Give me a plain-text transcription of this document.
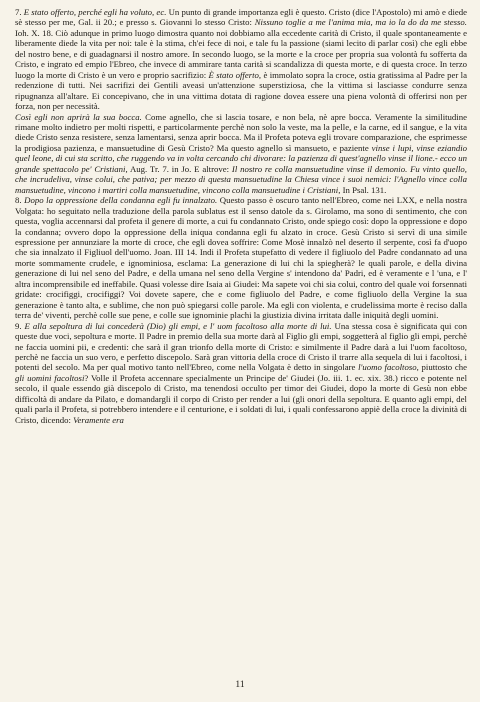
7. E stato offerto, perché egli ha voluto, ec. Un punto di grande importanza egli è questo. Cristo (dice l'Apostolo) mi amò e diede sè stesso per me, Gal. ii 20.; e presso s. Giovanni lo stesso Cristo: Nissuno toglie a me l'anima mia, ma io la do da me stesso. Ioh. X. 18. Ciò adunque in primo luogo dimostra quanto noi dobbiamo alla eccedente carità di Cristo, il quale spontaneamente e liberamente diede la vita per noi: tale è la stima, ch'ei fece di noi, e tale fu la passione (siami lecito di parlar così) che egli ebbe del nostro bene, e di guadagnarsi il nostro amore. In secondo luogo, se la morte e la croce per propria sua volontà fu sofferta da Cristo, e ingrato ed empio l'Ebreo, che invece di ammirare tanta carità si scandalizza di questa morte, e di questa croce. In terzo luogo la morte di Cristo è un vero e proprio sacrifizio: È stato offerto, è immolato sopra la croce, ostia gratissima al Padre per la redenzione di tutti. Nei sacrifizi dei Gentili aveasi un'attenzione superstiziosa, che la vittima si lasciasse condurre senza ripugnanza all'altare. Ei concepivano, che in una vittima dotata di ragione dovea essere una piena volontà di offerirsi non per forza, non per necessità.

Così egli non aprirà la sua bocca. Come agnello, che si lascia tosare, e non bela, nè apre bocca. Veramente la similitudine rimane molto indietro per molti rispetti, e particolarmente perchè non solo la veste, ma la pelle, e la carne, ed il sangue, e la vita diede Cristo senza resistere, senza lamentarsi, senza aprir bocca. Ma il Profeta poteva egli trovare comparazione, che esprimesse la prodigiosa pazienza, e mansuetudine di Gesù Cristo? Ma questo agnello sì mansueto, e paziente vinse i lupi, vinse eziandio quel leone, di cui sta scritto, che ruggendo va in volta cercando chi divorare: la pazienza di quest'agnello vinse il lione.- ecco un grande spettacolo pe' Cristiani, Aug. Tr. 7. in Jo. E altrove: Il nostro re colla mansuetudine vinse il demonio. Fu vinto quello, che incrudeliva, vinse colui, che pativa; per mezzo di questa mansuetudine la Chiesa vince i suoi nemici: l'Agnello vince colla mansuetudine, vincono i martiri colla mansuetudine, vincono colla mansuetudine i Cristiani, In Psal. 131.

8. Dopo la oppressione della condanna egli fu innalzato. Questo passo è oscuro tanto nell'Ebreo, come nei LXX, e nella nostra Volgata: ho seguitato nella traduzione della parola sublatus est il senso datole da s. Girolamo, ma sono di sentimento, che con questa, voglia accennarsi dal profeta il genere di morte, a cui fu condannato Cristo, onde spiego così: dopo la oppressione e dopo la condanna; ovvero dopo la oppressione della iniqua condanna egli fu alzato in croce. Gesù Cristo si servì di una simile espressione per annunziare la morte di croce, che egli dovea soffrire: Come Mosè innalzò nel deserto il serpente, così fa d'uopo che sia innalzato il Figliuol dell'uomo. Joan. III 14. Indi il Profeta stupefatto di vedere il figliuolo del Padre condannato ad una morte sommamente crudele, e ignominiosa, esclama: La generazione di lui chi la spiegherà? le quali parole, e della divina generazione di lui nel seno del Padre, e della umana nel seno della Vergine s' intendono da' Padri, ed è veramente e l 'una, e l' altra incomprensibile ed ineffabile. Quasi volesse dire Isaia ai Giudei: Ma sapete voi chi sia colui, contro del quale voi forsennati gridate: crocifiggi, crocifiggi? Voi dovete sapere, che e come figliuolo del Padre, e come figliuolo della Vergine la sua generazione è tanto alta, e sublime, che non può spiegarsi colle parole. Ma egli con violenta, e crudelissima morte è reciso dalla terra de' viventi, perchè colle sue pene, e colle sue ignominie plachi la giustizia divina irritata dalle iniquità degli uomini.

9. E alla sepoltura di lui concederà (Dio) gli empi, e l' uom facoltoso alla morte di lui. Una stessa cosa è significata qui con queste due voci, sepoltura e morte. Il Padre in premio della sua morte darà al Figlio gli empi, soggetterà al figlio gli empi, perchè ne faccia uomini pii, e credenti: che sarà il gran trionfo della morte di Cristo: e similmente il Padre darà a lui l'uom facoltoso, perchè ne faccia un suo vero, e perfetto discepolo. Sarà gran vittoria della croce di Cristo il trarre alla sequela di lui i facoltosi, i potenti del secolo. Ma per qual motivo tanto nell'Ebreo, come nella Volgata è detto in singolare l'uomo facoltoso, piuttosto che gli uomini facoltosi? Volle il Profeta accennare specialmente un Principe de' Giudei (Jo. iii. 1. ec. xix. 38.) ricco e potente nel secolo, il quale essendo già discepolo di Cristo, ma tenendosi occulto per timor dei Giudei, dopo la morte di Gesù non ebbe difficoltà di andare da Pilato, e domandargli il corpo di Cristo per render a lui (gli onori della sepoltura. E quanto agli empi, del quali parla il Profeta, si potrebbero intendere e il centurione, e i soldati di lui, i quali confessarono appiè della croce la divinità di Cristo, dicendo: Veramente era

11
